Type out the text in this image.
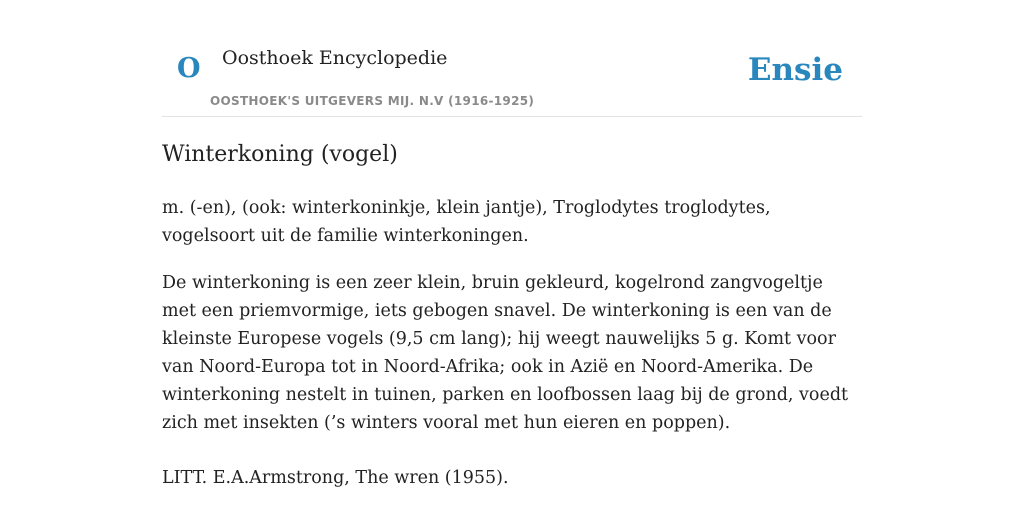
O Oosthoek Encyclopedie
OOSTHOEK'S UITGEVERS MIJ. N.V (1916-1925)
Ensie
Winterkoning (vogel)

m. (-en), (ook: winterkoninkje, klein jantje), Troglodytes troglodytes, vogelsoort uit de familie winterkoningen.

De winterkoning is een zeer klein, bruin gekleurd, kogelrond zangvogeltje met een priemvormige, iets gebogen snavel. De winterkoning is een van de kleinste Europese vogels (9,5 cm lang); hij weegt nauwelijks 5 g. Komt voor van Noord-Europa tot in Noord-Afrika; ook in Azië en Noord-Amerika. De winterkoning nestelt in tuinen, parken en loofbossen laag bij de grond, voedt zich met insekten (’s winters vooral met hun eieren en poppen).

LITT. E.A.Armstrong, The wren (1955).
